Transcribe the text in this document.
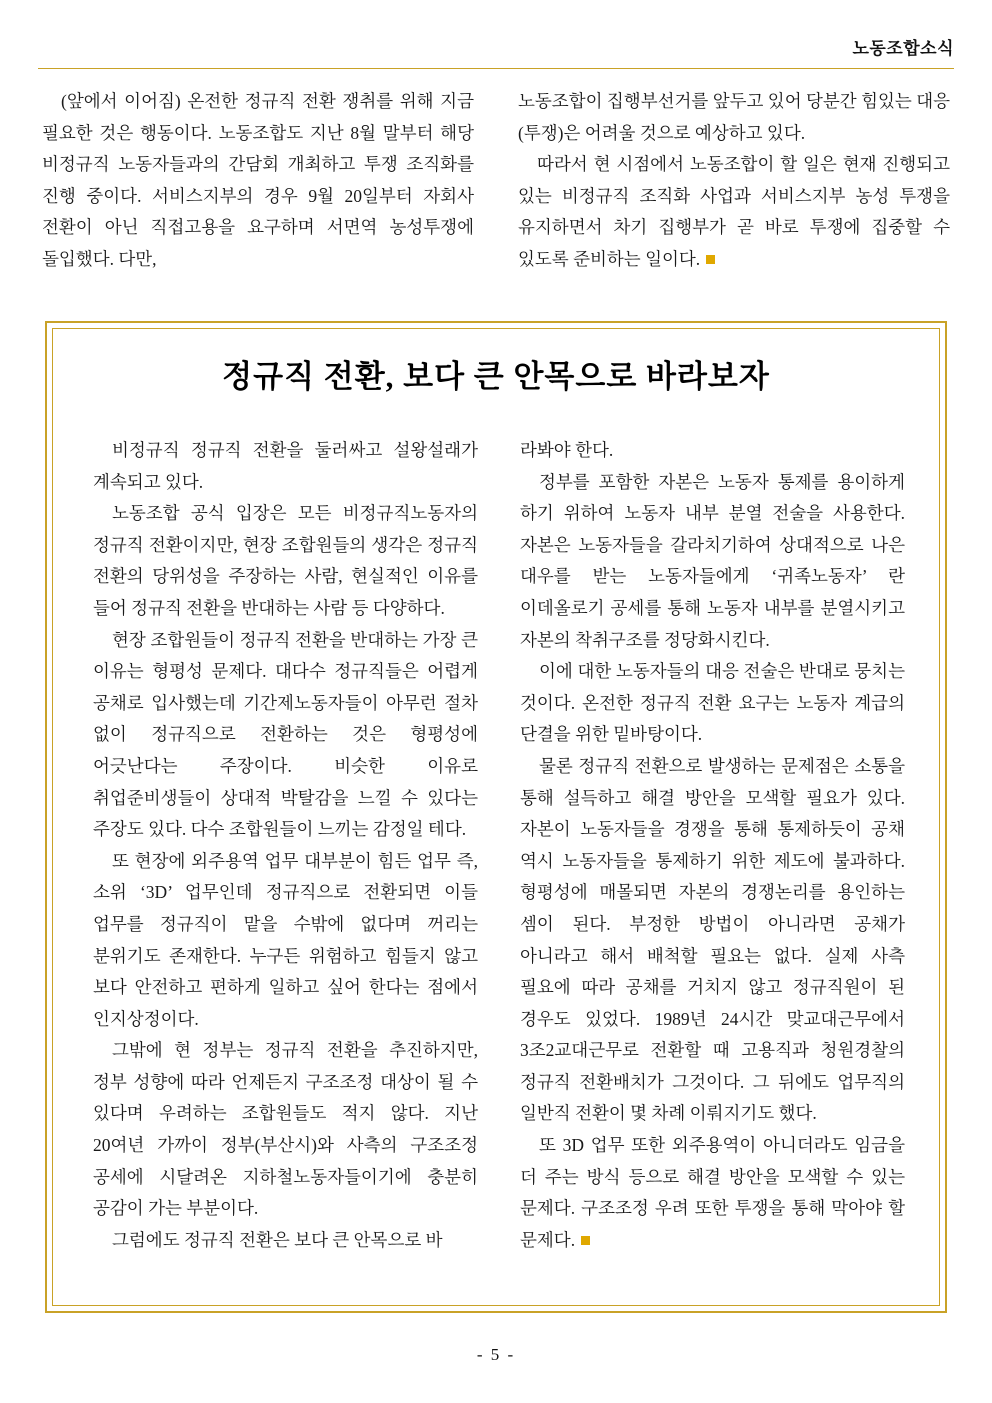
노동조합소식

(앞에서 이어짐) 온전한 정규직 전환 쟁취를 위해 지금 필요한 것은 행동이다. 노동조합도 지난 8월 말부터 해당 비정규직 노동자들과의 간담회 개최하고 투쟁 조직화를 진행 중이다. 서비스지부의 경우 9월 20일부터 자회사 전환이 아닌 직접고용을 요구하며 서면역 농성투쟁에 돌입했다. 다만,

노동조합이 집행부선거를 앞두고 있어 당분간 힘있는 대응(투쟁)은 어려울 것으로 예상하고 있다.

따라서 현 시점에서 노동조합이 할 일은 현재 진행되고 있는 비정규직 조직화 사업과 서비스지부 농성 투쟁을 유지하면서 차기 집행부가 곧 바로 투쟁에 집중할 수 있도록 준비하는 일이다.

정규직 전환, 보다 큰 안목으로 바라보자

비정규직 정규직 전환을 둘러싸고 설왕설래가 계속되고 있다.

노동조합 공식 입장은 모든 비정규직노동자의 정규직 전환이지만, 현장 조합원들의 생각은 정규직 전환의 당위성을 주장하는 사람, 현실적인 이유를 들어 정규직 전환을 반대하는 사람 등 다양하다.

현장 조합원들이 정규직 전환을 반대하는 가장 큰 이유는 형평성 문제다. 대다수 정규직들은 어렵게 공채로 입사했는데 기간제노동자들이 아무런 절차 없이 정규직으로 전환하는 것은 형평성에 어긋난다는 주장이다. 비슷한 이유로 취업준비생들이 상대적 박탈감을 느낄 수 있다는 주장도 있다. 다수 조합원들이 느끼는 감정일 테다.

또 현장에 외주용역 업무 대부분이 힘든 업무 즉, 소위 ‘3D’ 업무인데 정규직으로 전환되면 이들 업무를 정규직이 맡을 수밖에 없다며 꺼리는 분위기도 존재한다. 누구든 위험하고 힘들지 않고 보다 안전하고 편하게 일하고 싶어 한다는 점에서 인지상정이다.

그밖에 현 정부는 정규직 전환을 추진하지만, 정부 성향에 따라 언제든지 구조조정 대상이 될 수 있다며 우려하는 조합원들도 적지 않다. 지난 20여년 가까이 정부(부산시)와 사측의 구조조정 공세에 시달려온 지하철노동자들이기에 충분히 공감이 가는 부분이다.

그럼에도 정규직 전환은 보다 큰 안목으로 바

라봐야 한다.

정부를 포함한 자본은 노동자 통제를 용이하게 하기 위하여 노동자 내부 분열 전술을 사용한다. 자본은 노동자들을 갈라치기하여 상대적으로 나은 대우를 받는 노동자들에게 ‘귀족노동자’ 란 이데올로기 공세를 통해 노동자 내부를 분열시키고 자본의 착취구조를 정당화시킨다.

이에 대한 노동자들의 대응 전술은 반대로 뭉치는 것이다. 온전한 정규직 전환 요구는 노동자 계급의 단결을 위한 밑바탕이다.

물론 정규직 전환으로 발생하는 문제점은 소통을 통해 설득하고 해결 방안을 모색할 필요가 있다. 자본이 노동자들을 경쟁을 통해 통제하듯이 공채 역시 노동자들을 통제하기 위한 제도에 불과하다. 형평성에 매몰되면 자본의 경쟁논리를 용인하는 셈이 된다. 부정한 방법이 아니라면 공채가 아니라고 해서 배척할 필요는 없다. 실제 사측 필요에 따라 공채를 거치지 않고 정규직원이 된 경우도 있었다. 1989년 24시간 맞교대근무에서 3조2교대근무로 전환할 때 고용직과 청원경찰의 정규직 전환배치가 그것이다. 그 뒤에도 업무직의 일반직 전환이 몇 차례 이뤄지기도 했다.

또 3D 업무 또한 외주용역이 아니더라도 임금을 더 주는 방식 등으로 해결 방안을 모색할 수 있는 문제다. 구조조정 우려 또한 투쟁을 통해 막아야 할 문제다.

- 5 -
